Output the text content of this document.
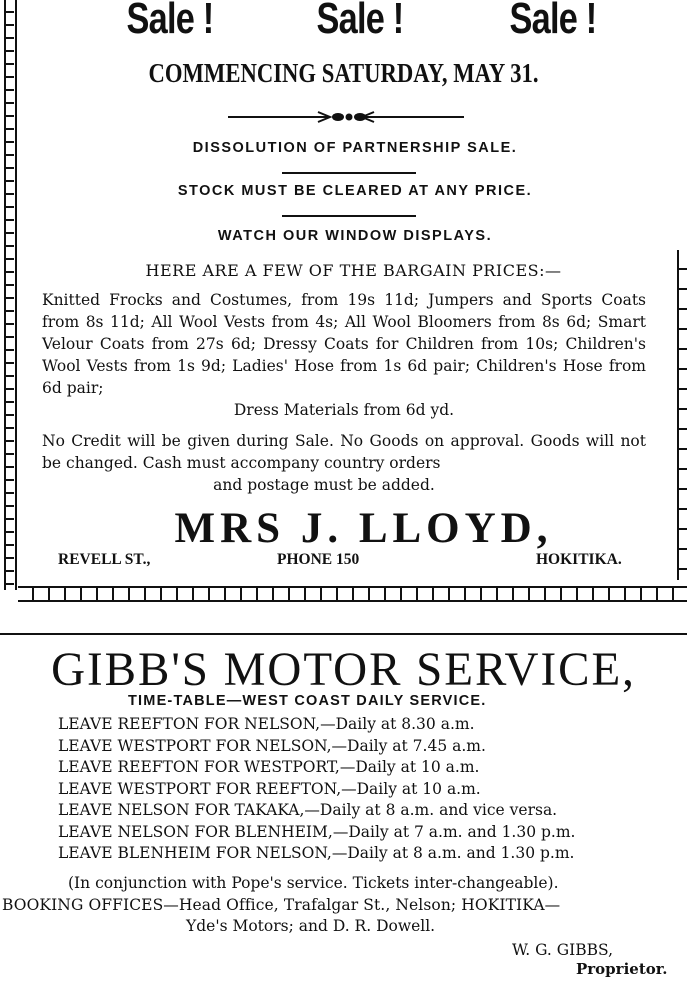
Sale ! Sale ! Sale !
COMMENCING SATURDAY, MAY 31.
DISSOLUTION OF PARTNERSHIP SALE.
STOCK MUST BE CLEARED AT ANY PRICE.
WATCH OUR WINDOW DISPLAYS.
HERE ARE A FEW OF THE BARGAIN PRICES:—
Knitted Frocks and Costumes, from 19s 11d; Jumpers and Sports Coats from 8s 11d; All Wool Vests from 4s; All Wool Bloomers from 8s 6d; Smart Velour Coats from 27s 6d; Dressy Coats for Children from 10s; Children's Wool Vests from 1s 9d; Ladies' Hose from 1s 6d pair; Children's Hose from 6d pair;
Dress Materials from 6d yd.
No Credit will be given during Sale. No Goods on approval. Goods will not be changed. Cash must accompany country orders
and postage must be added.
MRS J. LLOYD,
REVELL ST.,	PHONE 150	HOKITIKA.
GIBB'S MOTOR SERVICE,
TIME-TABLE—WEST COAST DAILY SERVICE.
LEAVE REEFTON FOR NELSON,—Daily at 8.30 a.m.
LEAVE WESTPORT FOR NELSON,—Daily at 7.45 a.m.
LEAVE REEFTON FOR WESTPORT,—Daily at 10 a.m.
LEAVE WESTPORT FOR REEFTON,—Daily at 10 a.m.
LEAVE NELSON FOR TAKAKA,—Daily at 8 a.m. and vice versa.
LEAVE NELSON FOR BLENHEIM,—Daily at 7 a.m. and 1.30 p.m.
LEAVE BLENHEIM FOR NELSON,—Daily at 8 a.m. and 1.30 p.m.
(In conjunction with Pope's service. Tickets inter-changeable).
BOOKING OFFICES—Head Office, Trafalgar St., Nelson; HOKITIKA—
Yde's Motors; and D. R. Dowell.
W. G. GIBBS,
Proprietor.
